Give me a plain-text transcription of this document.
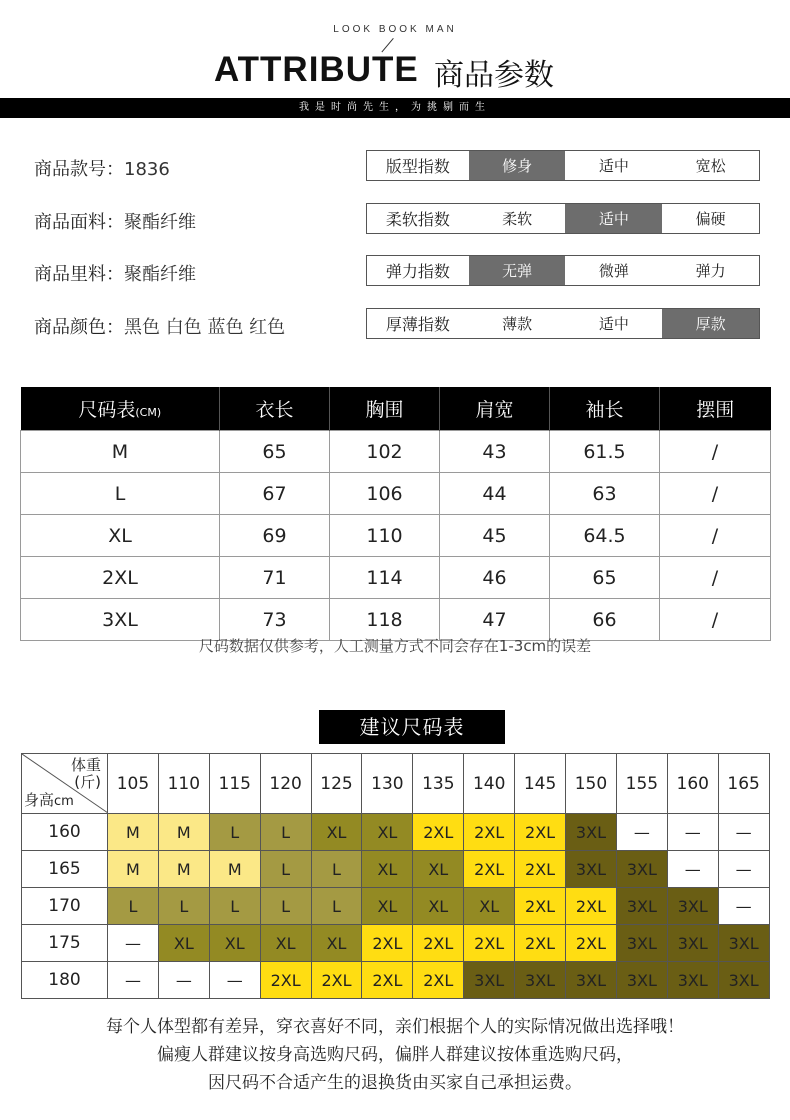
LOOK BOOK MAN
ATTRIBUTE 商品参数
我是时尚先生，为挑剔而生
商品款号：1836
商品面料：聚酯纤维
商品里料：聚酯纤维
商品颜色：黑色 白色 蓝色 红色
版型指数	修身	适中	宽松
柔软指数	柔软	适中	偏硬
弹力指数	无弹	微弹	弹力
厚薄指数	薄款	适中	厚款
尺码表(CM)	衣长	胸围	肩宽	袖长	摆围
M	65	102	43	61.5	/
L	67	106	44	63	/
XL	69	110	45	64.5	/
2XL	71	114	46	65	/
3XL	73	118	47	66	/
尺码数据仅供参考，人工测量方式不同会存在1-3cm的误差
建议尺码表
体重
(斤)
身高cm	105	110	115	120	125	130	135	140	145	150	155	160	165
160	M	M	L	L	XL	XL	2XL	2XL	2XL	3XL	—	—	—
165	M	M	M	L	L	XL	XL	2XL	2XL	3XL	3XL	—	—
170	L	L	L	L	L	XL	XL	XL	2XL	2XL	3XL	3XL	—
175	—	XL	XL	XL	XL	2XL	2XL	2XL	2XL	2XL	3XL	3XL	3XL
180	—	—	—	2XL	2XL	2XL	2XL	3XL	3XL	3XL	3XL	3XL	3XL
每个人体型都有差异，穿衣喜好不同，亲们根据个人的实际情况做出选择哦！
偏瘦人群建议按身高选购尺码，偏胖人群建议按体重选购尺码，
因尺码不合适产生的退换货由买家自己承担运费。
